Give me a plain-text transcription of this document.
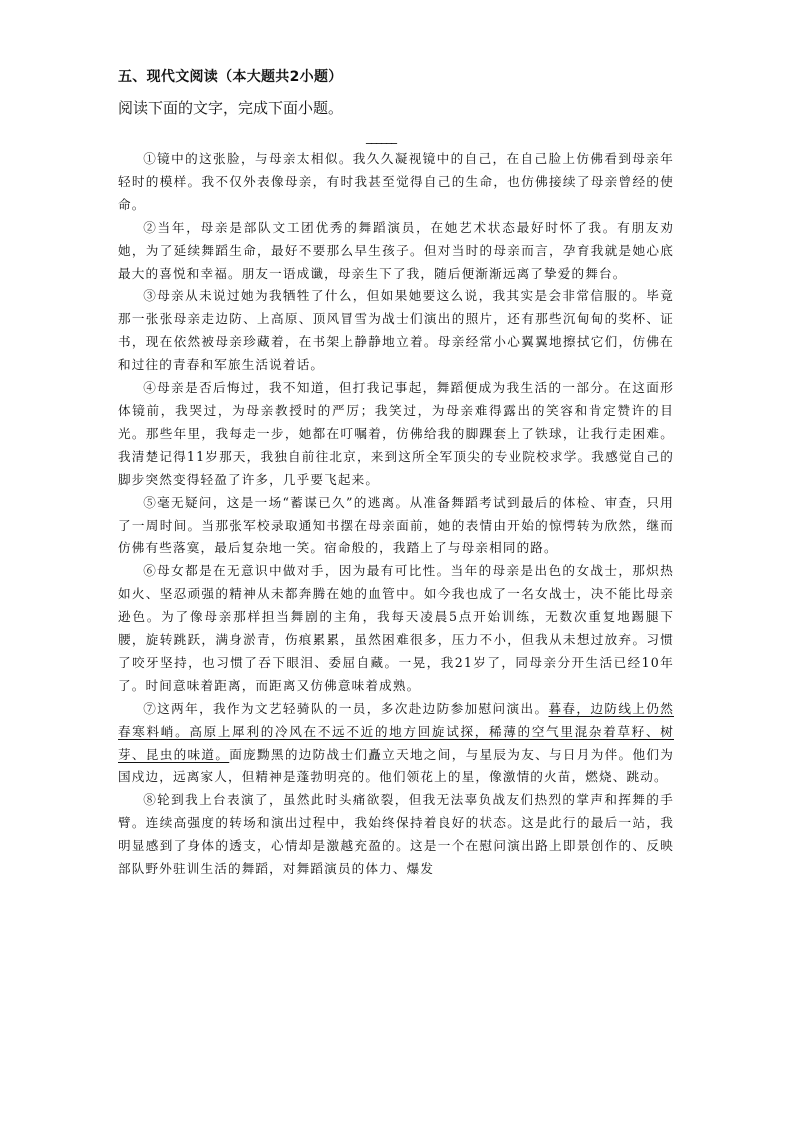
五、现代文阅读（本大题共2小题）
阅读下面的文字，完成下面小题。
______

①镜中的这张脸，与母亲太相似。我久久凝视镜中的自己，在自己脸上仿佛看到母亲年轻时的模样。我不仅外表像母亲，有时我甚至觉得自己的生命，也仿佛接续了母亲曾经的使命。

②当年，母亲是部队文工团优秀的舞蹈演员，在她艺术状态最好时怀了我。有朋友劝她，为了延续舞蹈生命，最好不要那么早生孩子。但对当时的母亲而言，孕育我就是她心底最大的喜悦和幸福。朋友一语成谶，母亲生下了我，随后便渐渐远离了挚爱的舞台。

③母亲从未说过她为我牺牲了什么，但如果她要这么说，我其实是会非常信服的。毕竟那一张张母亲走边防、上高原、顶风冒雪为战士们演出的照片，还有那些沉甸甸的奖杯、证书，现在依然被母亲珍藏着，在书架上静静地立着。母亲经常小心翼翼地擦拭它们，仿佛在和过往的青春和军旅生活说着话。

④母亲是否后悔过，我不知道，但打我记事起，舞蹈便成为我生活的一部分。在这面形体镜前，我哭过，为母亲教授时的严厉；我笑过，为母亲难得露出的笑容和肯定赞许的目光。那些年里，我每走一步，她都在叮嘱着，仿佛给我的脚踝套上了铁球，让我行走困难。我清楚记得11岁那天，我独自前往北京，来到这所全军顶尖的专业院校求学。我感觉自己的脚步突然变得轻盈了许多，几乎要飞起来。

⑤毫无疑问，这是一场“蓄谋已久”的逃离。从准备舞蹈考试到最后的体检、审查，只用了一周时间。当那张军校录取通知书摆在母亲面前，她的表情由开始的惊愕转为欣然，继而仿佛有些落寞，最后复杂地一笑。宿命般的，我踏上了与母亲相同的路。

⑥母女都是在无意识中做对手，因为最有可比性。当年的母亲是出色的女战士，那炽热如火、坚忍顽强的精神从未都奔腾在她的血管中。如今我也成了一名女战士，决不能比母亲逊色。为了像母亲那样担当舞剧的主角，我每天凌晨5点开始训练，无数次重复地踢腿下腰，旋转跳跃，满身淤青，伤痕累累，虽然困难很多，压力不小，但我从未想过放弃。习惯了咬牙坚持，也习惯了吞下眼泪、委屈自藏。一晃，我21岁了，同母亲分开生活已经10年了。时间意味着距离，而距离又仿佛意味着成熟。

⑦这两年，我作为文艺轻骑队的一员，多次赴边防参加慰问演出。暮春，边防线上仍然春寒料峭。高原上犀利的冷风在不远不近的地方回旋试探，稀薄的空气里混杂着草籽、树芽、昆虫的味道。面庞黝黑的边防战士们矗立天地之间，与星辰为友、与日月为伴。他们为国戍边，远离家人，但精神是蓬勃明亮的。他们领花上的星，像激情的火苗，燃烧、跳动。

⑧轮到我上台表演了，虽然此时头痛欲裂，但我无法辜负战友们热烈的掌声和挥舞的手臂。连续高强度的转场和演出过程中，我始终保持着良好的状态。这是此行的最后一站，我明显感到了身体的透支，心情却是激越充盈的。这是一个在慰问演出路上即景创作的、反映部队野外驻训生活的舞蹈，对舞蹈演员的体力、爆发
